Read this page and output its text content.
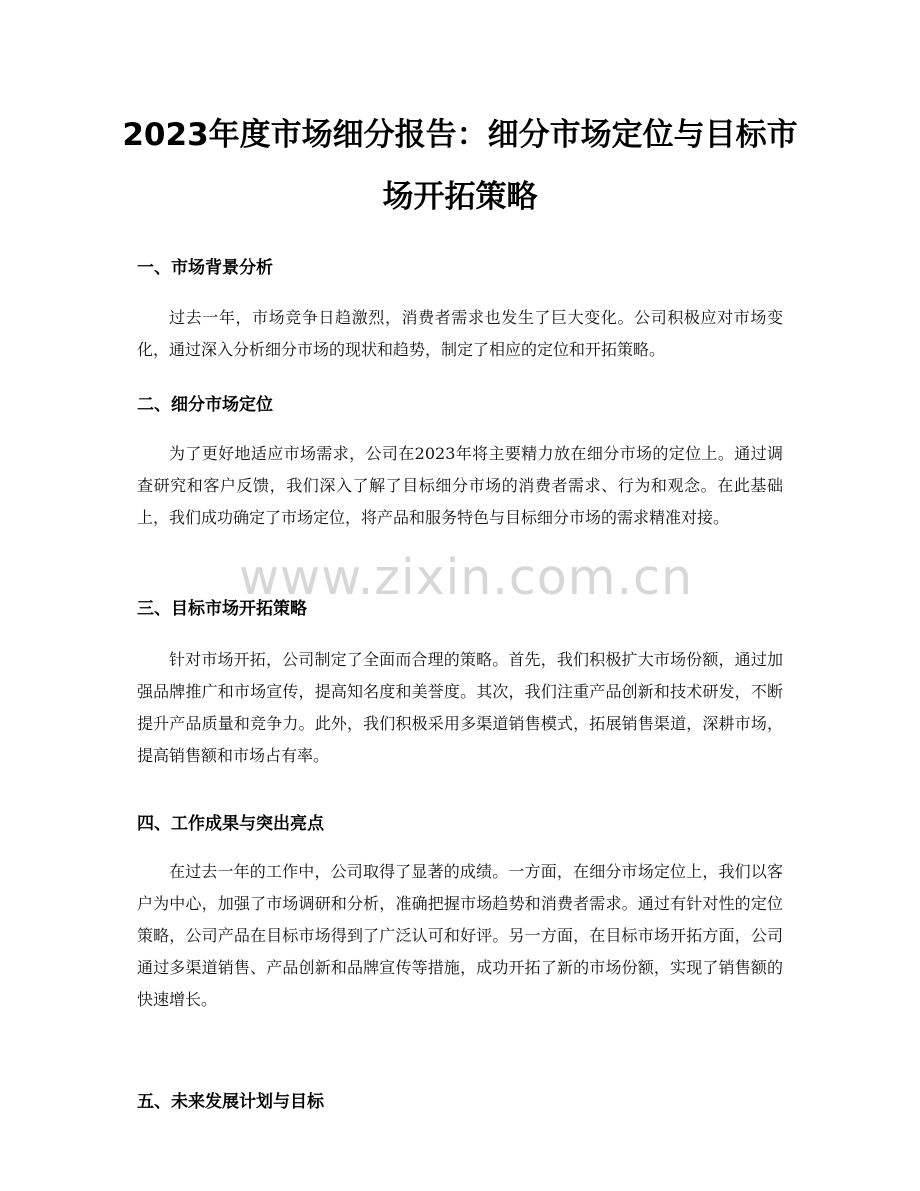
2023年度市场细分报告：细分市场定位与目标市场开拓策略
一、市场背景分析

过去一年，市场竞争日趋激烈，消费者需求也发生了巨大变化。公司积极应对市场变化，通过深入分析细分市场的现状和趋势，制定了相应的定位和开拓策略。

二、细分市场定位

为了更好地适应市场需求，公司在2023年将主要精力放在细分市场的定位上。通过调查研究和客户反馈，我们深入了解了目标细分市场的消费者需求、行为和观念。在此基础上，我们成功确定了市场定位，将产品和服务特色与目标细分市场的需求精准对接。

www.zixin.com.cn
三、目标市场开拓策略

针对市场开拓，公司制定了全面而合理的策略。首先，我们积极扩大市场份额，通过加强品牌推广和市场宣传，提高知名度和美誉度。其次，我们注重产品创新和技术研发，不断提升产品质量和竞争力。此外，我们积极采用多渠道销售模式，拓展销售渠道，深耕市场，提高销售额和市场占有率。

四、工作成果与突出亮点

在过去一年的工作中，公司取得了显著的成绩。一方面，在细分市场定位上，我们以客户为中心，加强了市场调研和分析，准确把握市场趋势和消费者需求。通过有针对性的定位策略，公司产品在目标市场得到了广泛认可和好评。另一方面，在目标市场开拓方面，公司通过多渠道销售、产品创新和品牌宣传等措施，成功开拓了新的市场份额，实现了销售额的快速增长。

五、未来发展计划与目标
